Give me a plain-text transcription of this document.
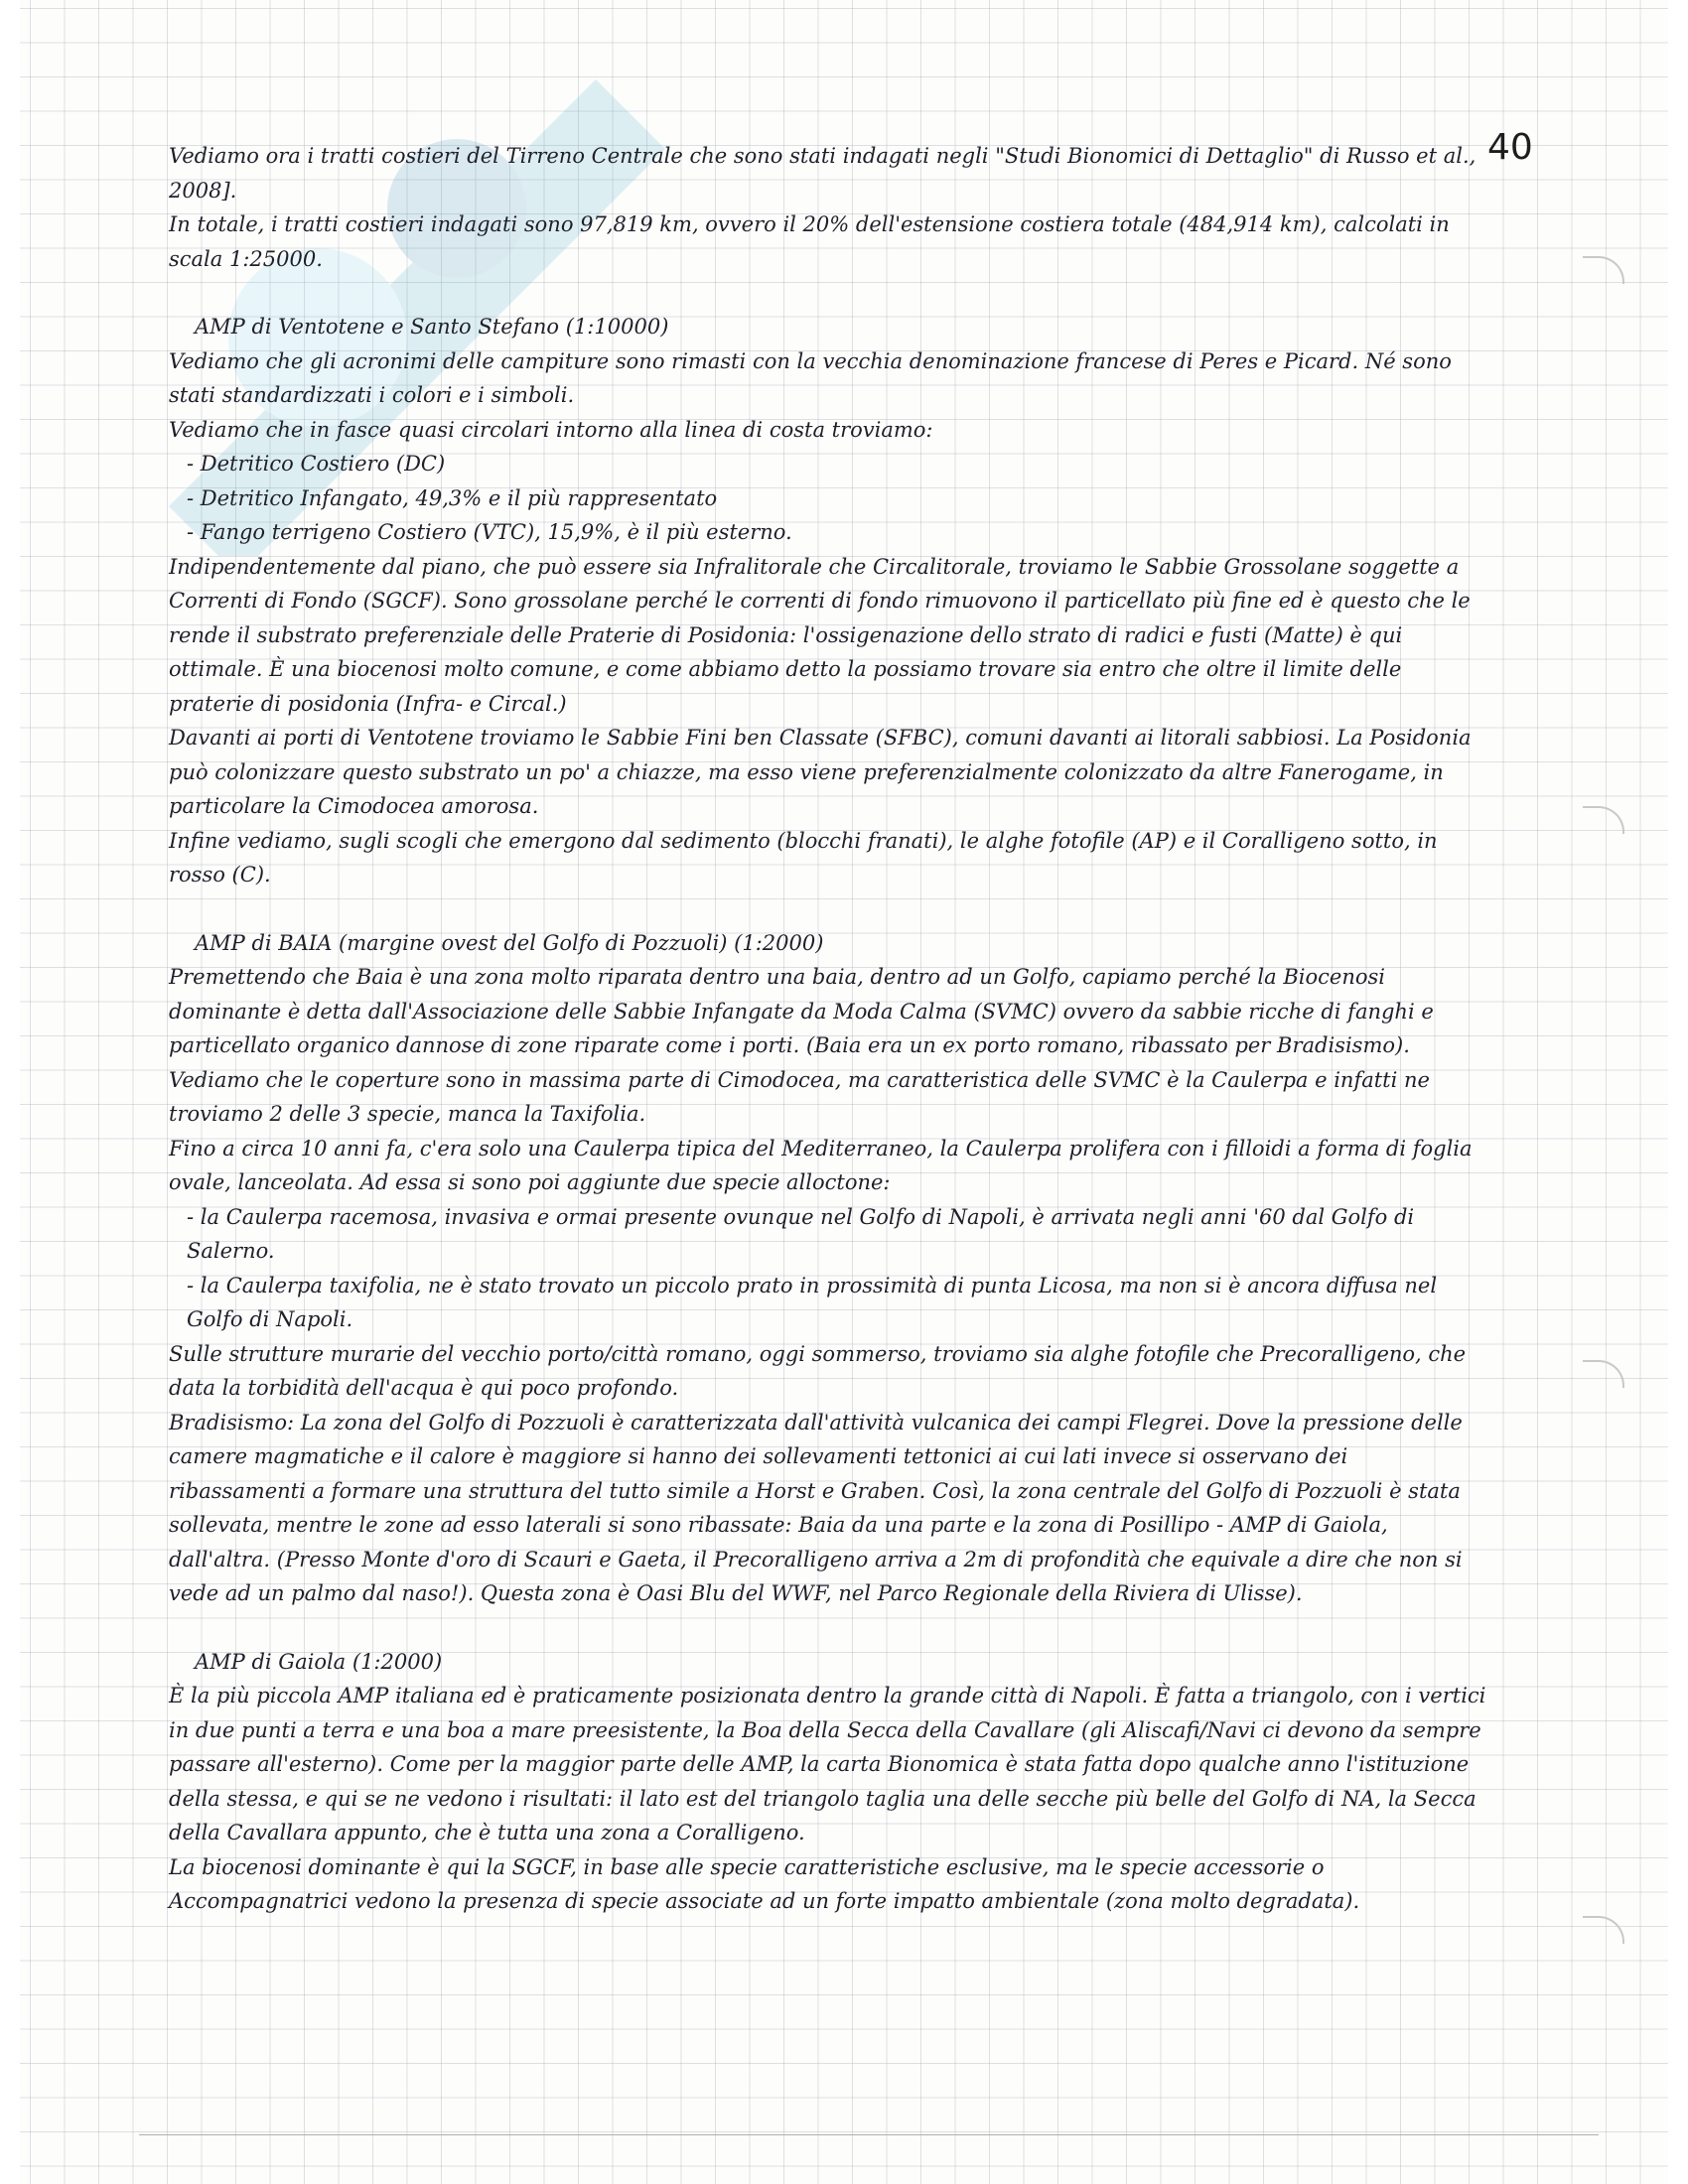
40

Vediamo ora i tratti costieri del Tirreno Centrale che sono stati indagati negli "Studi Bionomici di Dettaglio" di Russo et al., 2008].

In totale, i tratti costieri indagati sono 97,819 km, ovvero il 20% dell'estensione costiera totale (484,914 km), calcolati in scala 1:25000.

AMP di Ventotene e Santo Stefano (1:10000)

Vediamo che gli acronimi delle campiture sono rimasti con la vecchia denominazione francese di Peres e Picard. Né sono stati standardizzati i colori e i simboli.

Vediamo che in fasce quasi circolari intorno alla linea di costa troviamo:

- Detritico Costiero (DC)
- Detritico Infangato, 49,3% e il più rappresentato
- Fango terrigeno Costiero (VTC), 15,9%, è il più esterno.

Indipendentemente dal piano, che può essere sia Infralitorale che Circalitorale, troviamo le Sabbie Grossolane soggette a Correnti di Fondo (SGCF). Sono grossolane perché le correnti di fondo rimuovono il particellato più fine ed è questo che le rende il substrato preferenziale delle Praterie di Posidonia: l'ossigenazione dello strato di radici e fusti (Matte) è qui ottimale. È una biocenosi molto comune, e come abbiamo detto la possiamo trovare sia entro che oltre il limite delle praterie di posidonia (Infra- e Circal.)

Davanti ai porti di Ventotene troviamo le Sabbie Fini ben Classate (SFBC), comuni davanti ai litorali sabbiosi. La Posidonia può colonizzare questo substrato un po' a chiazze, ma esso viene preferenzialmente colonizzato da altre Fanerogame, in particolare la Cimodocea amorosa.

Infine vediamo, sugli scogli che emergono dal sedimento (blocchi franati), le alghe fotofile (AP) e il Coralligeno sotto, in rosso (C).

AMP di BAIA (margine ovest del Golfo di Pozzuoli) (1:2000)

Premettendo che Baia è una zona molto riparata dentro una baia, dentro ad un Golfo, capiamo perché la Biocenosi dominante è detta dall'Associazione delle Sabbie Infangate da Moda Calma (SVMC) ovvero da sabbie ricche di fanghi e particellato organico dannose di zone riparate come i porti. (Baia era un ex porto romano, ribassato per Bradisismo).

Vediamo che le coperture sono in massima parte di Cimodocea, ma caratteristica delle SVMC è la Caulerpa e infatti ne troviamo 2 delle 3 specie, manca la Taxifolia.

Fino a circa 10 anni fa, c'era solo una Caulerpa tipica del Mediterraneo, la Caulerpa prolifera con i filloidi a forma di foglia ovale, lanceolata. Ad essa si sono poi aggiunte due specie alloctone:

- la Caulerpa racemosa, invasiva e ormai presente ovunque nel Golfo di Napoli, è arrivata negli anni '60 dal Golfo di Salerno.
- la Caulerpa taxifolia, ne è stato trovato un piccolo prato in prossimità di punta Licosa, ma non si è ancora diffusa nel Golfo di Napoli.

Sulle strutture murarie del vecchio porto/città romano, oggi sommerso, troviamo sia alghe fotofile che Precoralligeno, che data la torbidità dell'acqua è qui poco profondo.

Bradisismo: La zona del Golfo di Pozzuoli è caratterizzata dall'attività vulcanica dei campi Flegrei. Dove la pressione delle camere magmatiche e il calore è maggiore si hanno dei sollevamenti tettonici ai cui lati invece si osservano dei ribassamenti a formare una struttura del tutto simile a Horst e Graben. Così, la zona centrale del Golfo di Pozzuoli è stata sollevata, mentre le zone ad esso laterali si sono ribassate: Baia da una parte e la zona di Posillipo - AMP di Gaiola, dall'altra. (Presso Monte d'oro di Scauri e Gaeta, il Precoralligeno arriva a 2m di profondità che equivale a dire che non si vede ad un palmo dal naso!). Questa zona è Oasi Blu del WWF, nel Parco Regionale della Riviera di Ulisse).

AMP di Gaiola (1:2000)

È la più piccola AMP italiana ed è praticamente posizionata dentro la grande città di Napoli. È fatta a triangolo, con i vertici in due punti a terra e una boa a mare preesistente, la Boa della Secca della Cavallare (gli Aliscafi/Navi ci devono da sempre passare all'esterno). Come per la maggior parte delle AMP, la carta Bionomica è stata fatta dopo qualche anno l'istituzione della stessa, e qui se ne vedono i risultati: il lato est del triangolo taglia una delle secche più belle del Golfo di NA, la Secca della Cavallara appunto, che è tutta una zona a Coralligeno.

La biocenosi dominante è qui la SGCF, in base alle specie caratteristiche esclusive, ma le specie accessorie o Accompagnatrici vedono la presenza di specie associate ad un forte impatto ambientale (zona molto degradata).
